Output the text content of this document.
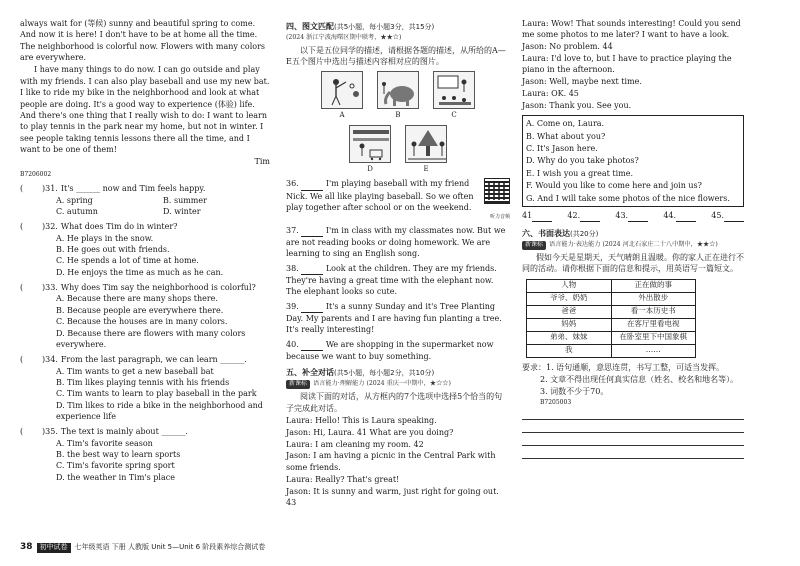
always wait for (等候) sunny and beautiful spring to come. And now it is here! I don't have to be at home all the time. The neighborhood is colorful now. Flowers with many colors are everywhere.

I have many things to do now. I can go outside and play with my friends. I can also play baseball and use my new bat. I like to ride my bike in the neighborhood and look at what people are doing. It's a good way to experience (体验) life. And there's one thing that I really wish to do: I want to learn to play tennis in the park near my home, but not in winter. I see people taking tennis lessons there all the time, and I want to be one of them!

Tim

B7206002

(	)31. It's ______ now and Tim feels happy.
A. spring	B. summer
C. autumn	D. winter
(	)32. What does Tim do in winter?
A. He plays in the snow.
B. He goes out with friends.
C. He spends a lot of time at home.
D. He enjoys the time as much as he can.
(	)33. Why does Tim say the neighborhood is colorful?
A. Because there are many shops there.
B. Because people are everywhere there.
C. Because the houses are in many colors.
D. Because there are flowers with many colors everywhere.
(	)34. From the last paragraph, we can learn ______.
A. Tim wants to get a new baseball bat
B. Tim likes playing tennis with his friends
C. Tim wants to learn to play baseball in the park
D. Tim likes to ride a bike in the neighborhood and experience life
(	)35. The text is mainly about ______.
A. Tim's favorite season
B. the best way to learn sports
C. Tim's favorite spring sport
D. the weather in Tim's place
四、图文匹配(共5小题，每小题3分，共15分)
(2024 浙江宁波海曙区期中联考，★★☆)

以下是五位同学的描述，请根据各题的描述，从所给的A—E五个图片中选出与描述内容相对应的图片。

A	B	C
D	E

36.	I'm playing baseball with my friend Nick. We all like playing baseball. So we often play together after school or on the weekend.

听力音频

37.	I'm in class with my classmates now. But we are not reading books or doing homework. We are learning to sing an English song.

38.	Look at the children. They are my friends. They're having a great time with the elephant now. The elephant looks so cute.

39.	It's a sunny Sunday and it's Tree Planting Day. My parents and I are having fun planting a tree. It's really interesting!

40.	We are shopping in the supermarket now because we want to buy something.

五、补全对话(共5小题，每小题2分，共10分)
新课标 语言能力·理解能力 (2024 重庆一中期中，★☆☆)

阅读下面的对话，从方框内的7个选项中选择5个恰当的句子完成此对话。

Laura: Hello! This is Laura speaking.

Jason: Hi, Laura. 41 What are you doing?

Laura: I am cleaning my room. 42

Jason: I am having a picnic in the Central Park with some friends.

Laura: Really? That's great!

Jason: It is sunny and warm, just right for going out. 43

Laura: Wow! That sounds interesting! Could you send me some photos to me later? I want to have a look.

Jason: No problem. 44

Laura: I'd love to, but I have to practice playing the piano in the afternoon.

Jason: Well, maybe next time.

Laura: OK. 45

Jason: Thank you. See you.

A. Come on, Laura.

B. What about you?

C. It's Jason here.

D. Why do you take photos?

E. I wish you a great time.

F. Would you like to come here and join us?

G. And I will take some photos of the nice flowers.

41	42.	43.	44.	45.
六、书面表达(共20分)
新课标 语言能力·表达能力 (2024 河北石家庄二十八中期中，★★☆)

假如今天是星期天，天气晴朗且温暖。你的家人正在进行不同的活动。请你根据下面的信息和提示，用英语写一篇短文。

人物	正在做的事
爷爷、奶奶	外出散步
爸爸	看一本历史书
妈妈	在客厅里看电视
弟弟、妹妹	在卧室里下中国象棋
我	……

要求：1. 语句通顺，意思连贯，书写工整，可适当发挥。

2. 文章不得出现任何真实信息（姓名、校名和地名等）。

3. 词数不少于70。

B7205003

38	初中试卷	七年级英语 下册 人教版 Unit 5—Unit 6 阶段素养综合测试卷
